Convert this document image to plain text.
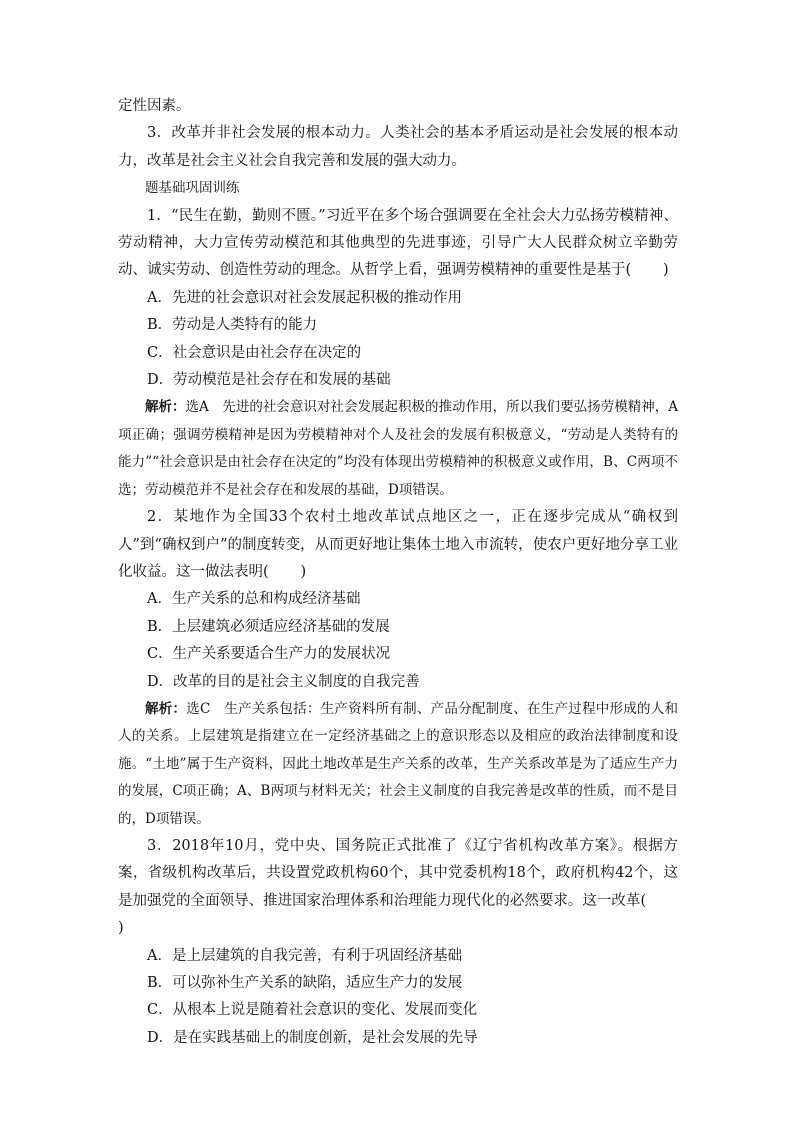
定性因素。

3．改革并非社会发展的根本动力。人类社会的基本矛盾运动是社会发展的根本动力，改革是社会主义社会自我完善和发展的强大动力。

题基础巩固训练

1．“民生在勤，勤则不匮。”习近平在多个场合强调要在全社会大力弘扬劳模精神、劳动精神，大力宣传劳动模范和其他典型的先进事迹，引导广大人民群众树立辛勤劳动、诚实劳动、创造性劳动的理念。从哲学上看，强调劳模精神的重要性是基于( )

A．先进的社会意识对社会发展起积极的推动作用

B．劳动是人类特有的能力

C．社会意识是由社会存在决定的

D．劳动模范是社会存在和发展的基础

解析：选A　先进的社会意识对社会发展起积极的推动作用，所以我们要弘扬劳模精神，A项正确；强调劳模精神是因为劳模精神对个人及社会的发展有积极意义，“劳动是人类特有的能力”“社会意识是由社会存在决定的”均没有体现出劳模精神的积极意义或作用，B、C两项不选；劳动模范并不是社会存在和发展的基础，D项错误。

2．某地作为全国33个农村土地改革试点地区之一，正在逐步完成从“确权到人”到“确权到户”的制度转变，从而更好地让集体土地入市流转，使农户更好地分享工业化收益。这一做法表明( )

A．生产关系的总和构成经济基础

B．上层建筑必须适应经济基础的发展

C．生产关系要适合生产力的发展状况

D．改革的目的是社会主义制度的自我完善

解析：选C　生产关系包括：生产资料所有制、产品分配制度、在生产过程中形成的人和人的关系。上层建筑是指建立在一定经济基础之上的意识形态以及相应的政治法律制度和设施。“土地”属于生产资料，因此土地改革是生产关系的改革，生产关系改革是为了适应生产力的发展，C项正确；A、B两项与材料无关；社会主义制度的自我完善是改革的性质，而不是目的，D项错误。

3．2018年10月，党中央、国务院正式批准了《辽宁省机构改革方案》。根据方案，省级机构改革后，共设置党政机构60个，其中党委机构18个，政府机构42个，这是加强党的全面领导、推进国家治理体系和治理能力现代化的必然要求。这一改革()

A．是上层建筑的自我完善，有利于巩固经济基础

B．可以弥补生产关系的缺陷，适应生产力的发展

C．从根本上说是随着社会意识的变化、发展而变化

D．是在实践基础上的制度创新，是社会发展的先导
